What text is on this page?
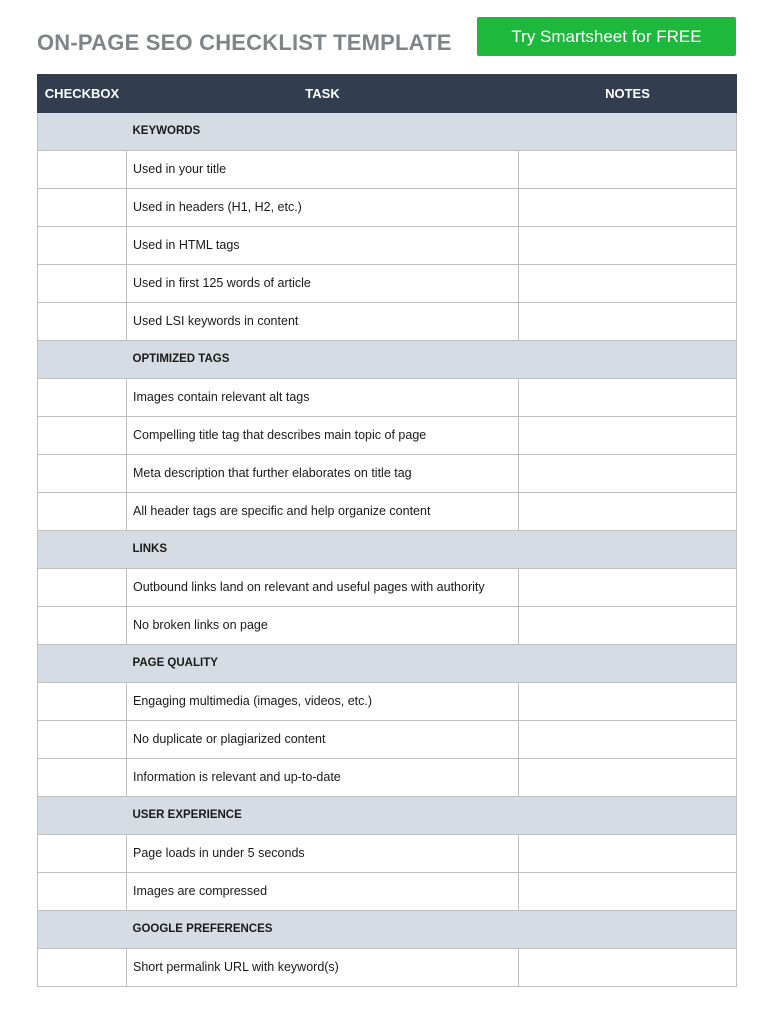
ON-PAGE SEO CHECKLIST TEMPLATE	Try Smartsheet for FREE
CHECKBOX	TASK	NOTES
	KEYWORDS	
	Used in your title	
	Used in headers (H1, H2, etc.)	
	Used in HTML tags	
	Used in first 125 words of article	
	Used LSI keywords in content	
	OPTIMIZED TAGS	
	Images contain relevant alt tags	
	Compelling title tag that describes main topic of page	
	Meta description that further elaborates on title tag	
	All header tags are specific and help organize content	
	LINKS	
	Outbound links land on relevant and useful pages with authority	
	No broken links on page	
	PAGE QUALITY	
	Engaging multimedia (images, videos, etc.)	
	No duplicate or plagiarized content	
	Information is relevant and up-to-date	
	USER EXPERIENCE	
	Page loads in under 5 seconds	
	Images are compressed	
	GOOGLE PREFERENCES	
	Short permalink URL with keyword(s)	
